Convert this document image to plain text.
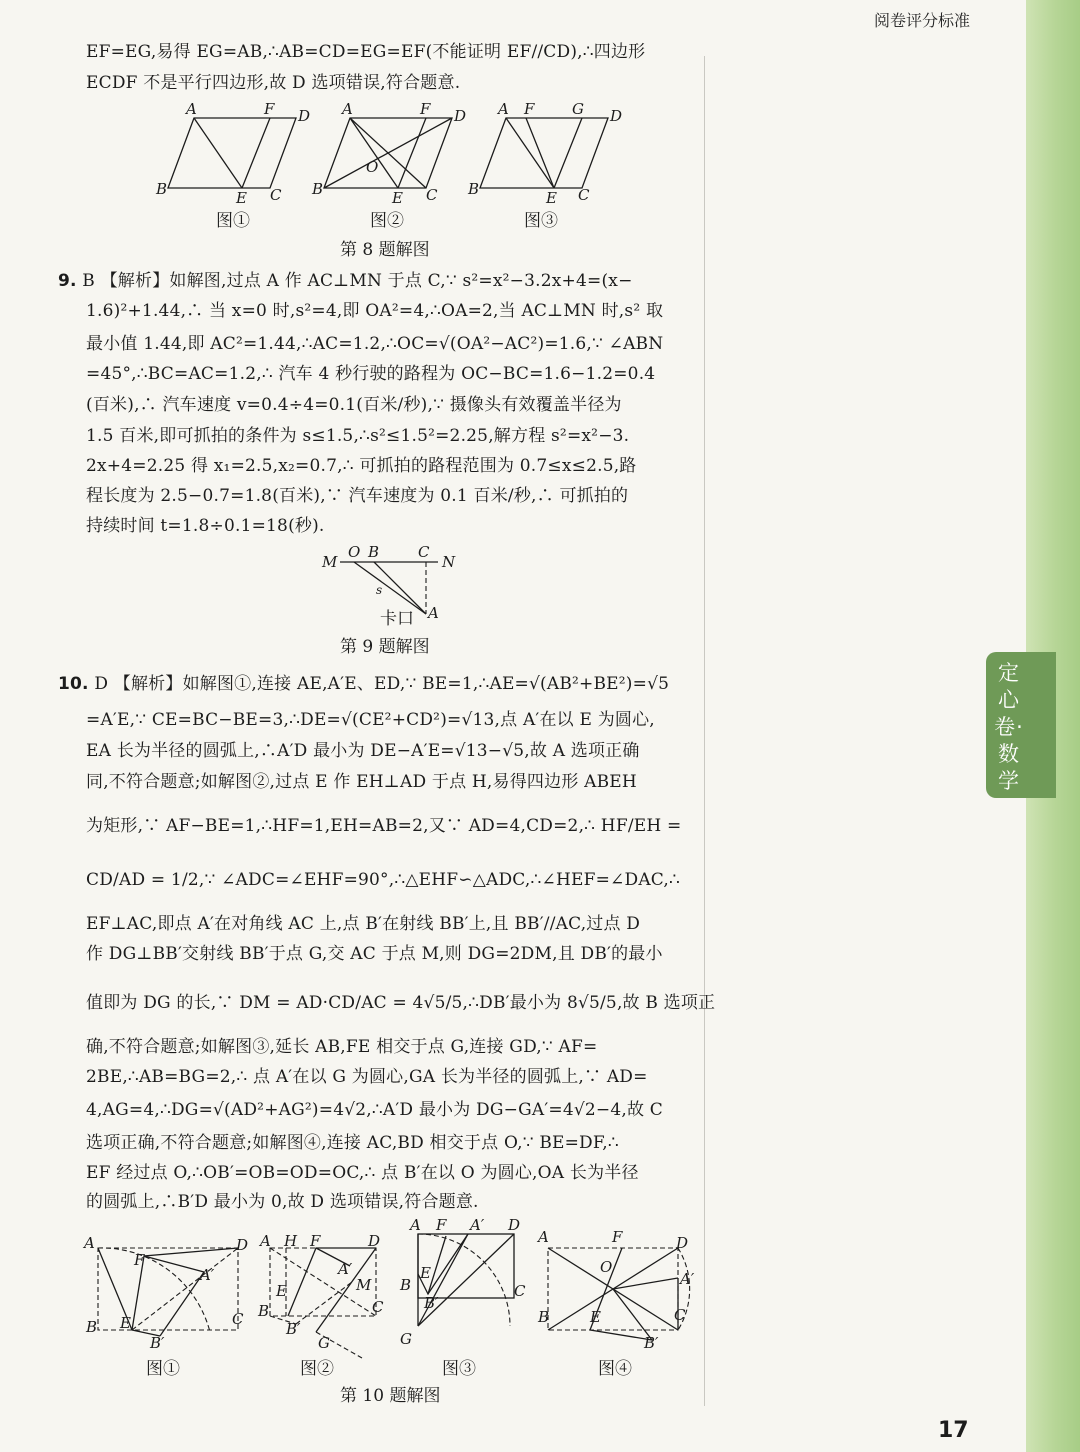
定心卷·数学
阅卷评分标准
17
EF=EG,易得 EG=AB,∴AB=CD=EG=EF(不能证明 EF//CD),∴四边形
ECDF 不是平行四边形,故 D 选项错误,符合题意.
A	F D
B	E C
图①
A	F D
O
B	E C
图②
A F	G D
B	E C
图③
第 8 题解图
9. B 【解析】如解图,过点 A 作 AC⊥MN 于点 C,∵ s²=x²−3.2x+4=(x−
1.6)²+1.44,∴ 当 x=0 时,s²=4,即 OA²=4,∴OA=2,当 AC⊥MN 时,s² 取
最小值 1.44,即 AC²=1.44,∴AC=1.2,∴OC=√(OA²−AC²)=1.6,∵ ∠ABN
=45°,∴BC=AC=1.2,∴ 汽车 4 秒行驶的路程为 OC−BC=1.6−1.2=0.4
(百米),∴ 汽车速度 v=0.4÷4=0.1(百米/秒),∵ 摄像头有效覆盖半径为
1.5 百米,即可抓拍的条件为 s≤1.5,∴s²≤1.5²=2.25,解方程 s²=x²−3.
2x+4=2.25 得 x₁=2.5,x₂=0.7,∴ 可抓拍的路程范围为 0.7≤x≤2.5,路
程长度为 2.5−0.7=1.8(百米),∵ 汽车速度为 0.1 百米/秒,∴ 可抓拍的
持续时间 t=1.8÷0.1=18(秒).
M
O B	C
N
s
A
卡口
第 9 题解图
10. D 【解析】如解图①,连接 AE,A′E、ED,∵ BE=1,∴AE=√(AB²+BE²)=√5
=A′E,∵ CE=BC−BE=3,∴DE=√(CE²+CD²)=√13,点 A′在以 E 为圆心,
EA 长为半径的圆弧上,∴A′D 最小为 DE−A′E=√13−√5,故 A 选项正确
同,不符合题意;如解图②,过点 E 作 EH⊥AD 于点 H,易得四边形 ABEH
为矩形,∵ AF−BE=1,∴HF=1,EH=AB=2,又∵ AD=4,CD=2,∴ HF/EH =
CD/AD = 1/2,∵ ∠ADC=∠EHF=90°,∴△EHF∽△ADC,∴∠HEF=∠DAC,∴
EF⊥AC,即点 A′在对角线 AC 上,点 B′在射线 BB′上,且 BB′//AC,过点 D
作 DG⊥BB′交射线 BB′于点 G,交 AC 于点 M,则 DG=2DM,且 DB′的最小
值即为 DG 的长,∵ DM = AD·CD/AC = 4√5/5,∴DB′最小为 8√5/5,故 B 选项正
确,不符合题意;如解图③,延长 AB,FE 相交于点 G,连接 GD,∵ AF=
2BE,∴AB=BG=2,∴ 点 A′在以 G 为圆心,GA 长为半径的圆弧上,∵ AD=
4,AG=4,∴DG=√(AD²+AG²)=4√2,∴A′D 最小为 DG−GA′=4√2−4,故 C
选项正确,不符合题意;如解图④,连接 AC,BD 相交于点 O,∵ BE=DF,∴
EF 经过点 O,∴OB′=OB=OD=OC,∴ 点 B′在以 O 为圆心,OA 长为半径
的圆弧上,∴B′D 最小为 0,故 D 选项错误,符合题意.
A	D
F
A′
B E	C
B′
图①
A H F	D
A′
M
E
B	C
B′
G
图②
A F A′ D
E
B
B′
C
G
图③
A	F	D
O
A′
B	E	C
B′
图④
第 10 题解图
